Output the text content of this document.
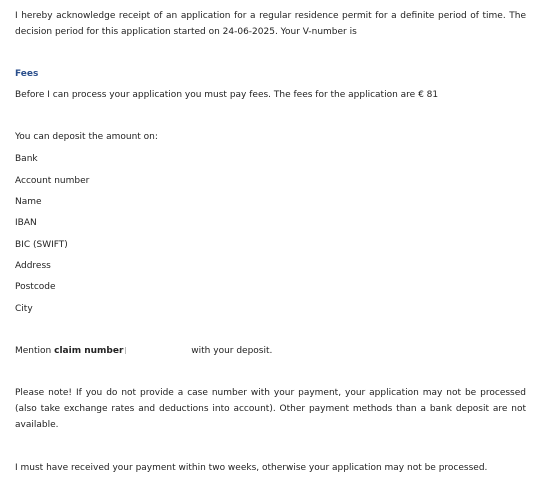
I hereby acknowledge receipt of an application for a regular residence permit for a definite period of time. The decision period for this application started on 24-06-2025. Your V-number is

Fees

Before I can process your application you must pay fees. The fees for the application are € 81

You can deposit the amount on:

Bank
Account number
Name
IBAN
BIC (SWIFT)
Address
Postcode
City

Mention claim number	with your deposit.

Please note! If you do not provide a case number with your payment, your application may not be processed (also take exchange rates and deductions into account). Other payment methods than a bank deposit are not available.

I must have received your payment within two weeks, otherwise your application may not be processed.
